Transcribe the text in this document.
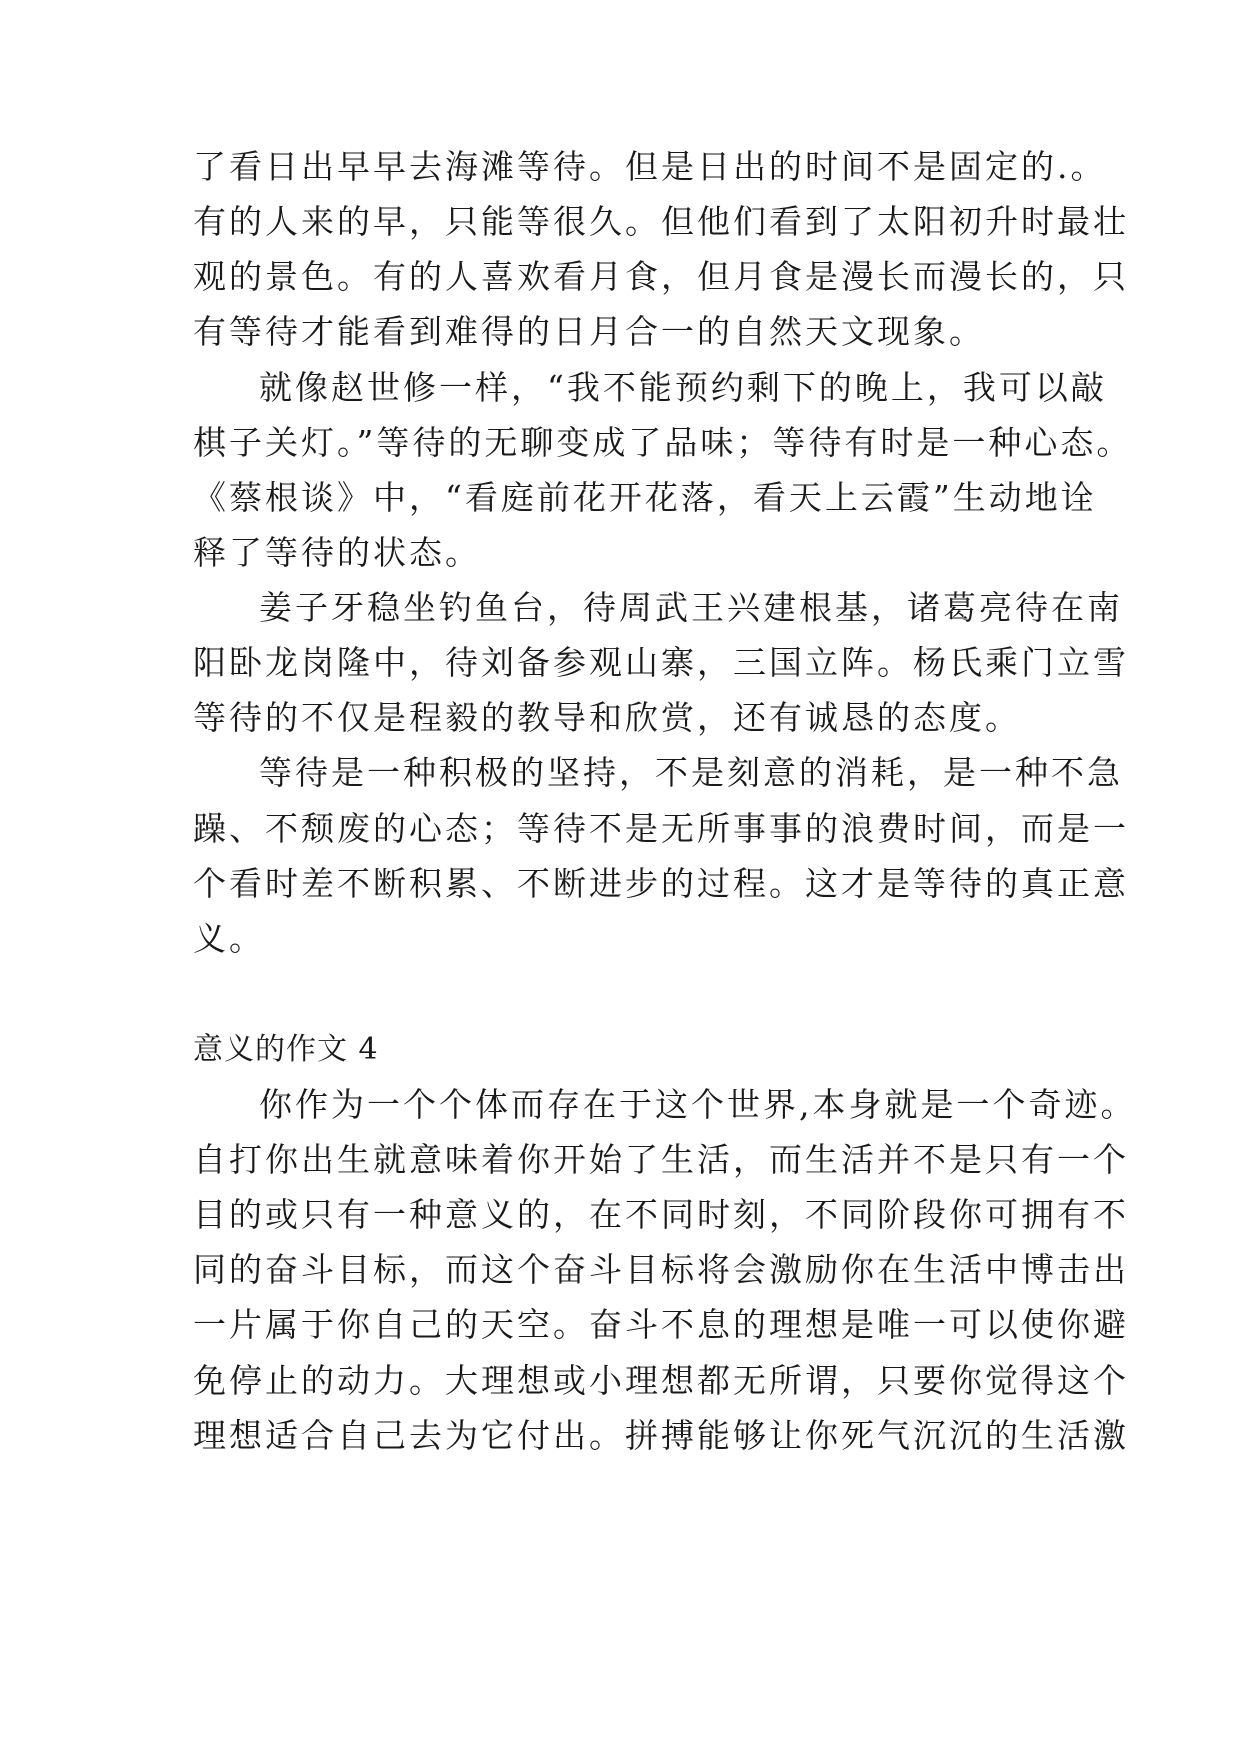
了看日出早早去海滩等待。但是日出的时间不是固定的.。
有的人来的早，只能等很久。但他们看到了太阳初升时最壮
观的景色。有的人喜欢看月食，但月食是漫长而漫长的，只
有等待才能看到难得的日月合一的自然天文现象。
就像赵世修一样，“我不能预约剩下的晚上，我可以敲
棋子关灯。”等待的无聊变成了品味；等待有时是一种心态。
《蔡根谈》中，“看庭前花开花落，看天上云霞”生动地诠
释了等待的状态。
姜子牙稳坐钓鱼台，待周武王兴建根基，诸葛亮待在南
阳卧龙岗隆中，待刘备参观山寨，三国立阵。杨氏乘门立雪
等待的不仅是程毅的教导和欣赏，还有诚恳的态度。
等待是一种积极的坚持，不是刻意的消耗，是一种不急
躁、不颓废的心态；等待不是无所事事的浪费时间，而是一
个看时差不断积累、不断进步的过程。这才是等待的真正意
义。
意义的作文 4
你作为一个个体而存在于这个世界,本身就是一个奇迹。
自打你出生就意味着你开始了生活，而生活并不是只有一个
目的或只有一种意义的，在不同时刻，不同阶段你可拥有不
同的奋斗目标，而这个奋斗目标将会激励你在生活中博击出
一片属于你自己的天空。奋斗不息的理想是唯一可以使你避
免停止的动力。大理想或小理想都无所谓，只要你觉得这个
理想适合自己去为它付出。拼搏能够让你死气沉沉的生活激
